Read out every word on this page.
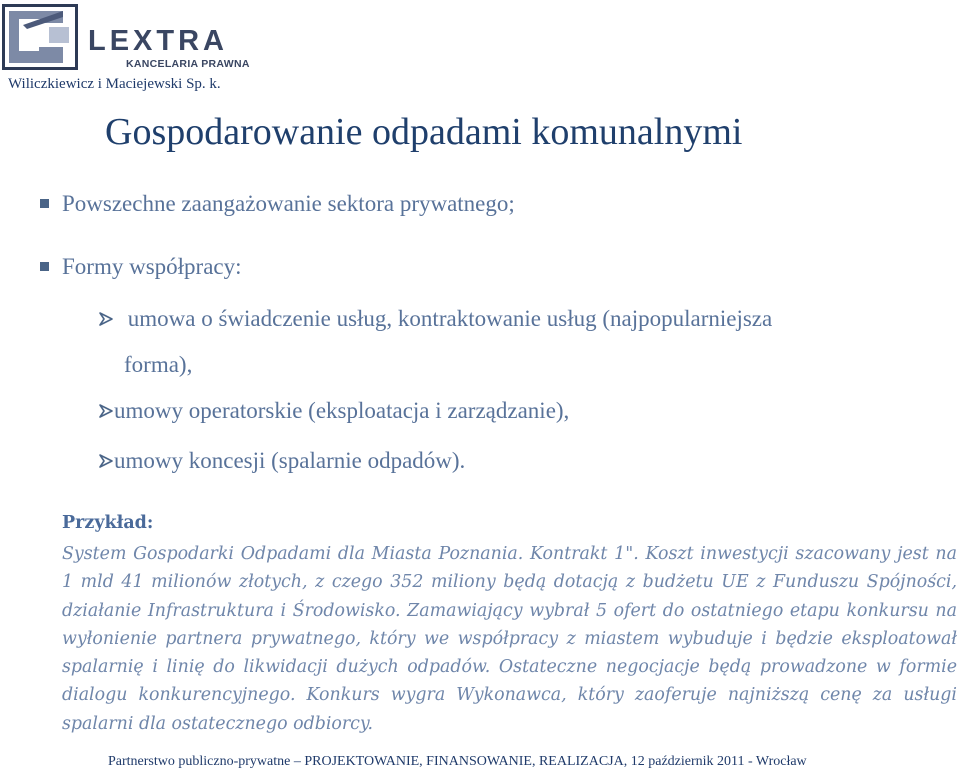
LEXTRA
KANCELARIA PRAWNA
Wiliczkiewicz i Maciejewski Sp. k.
Gospodarowanie odpadami komunalnymi
Powszechne zaangażowanie sektora prywatnego;
Formy współpracy:
umowa o świadczenie usług, kontraktowanie usług (najpopularniejsza
forma),
umowy operatorskie (eksploatacja i zarządzanie),
umowy koncesji (spalarnie odpadów).
Przykład:
System Gospodarki Odpadami dla Miasta Poznania. Kontrakt 1". Koszt inwestycji szacowany jest na 1 mld 41 milionów złotych, z czego 352 miliony będą dotacją z budżetu UE z Funduszu Spójności, działanie Infrastruktura i Środowisko. Zamawiający wybrał 5 ofert do ostatniego etapu konkursu na wyłonienie partnera prywatnego, który we współpracy z miastem wybuduje i będzie eksploatował spalarnię i linię do likwidacji dużych odpadów. Ostateczne negocjacje będą prowadzone w formie dialogu konkurencyjnego. Konkurs wygra Wykonawca, który zaoferuje najniższą cenę za usługi spalarni dla ostatecznego odbiorcy.
Partnerstwo publiczno-prywatne – PROJEKTOWANIE, FINANSOWANIE, REALIZACJA, 12 październik 2011 - Wrocław
